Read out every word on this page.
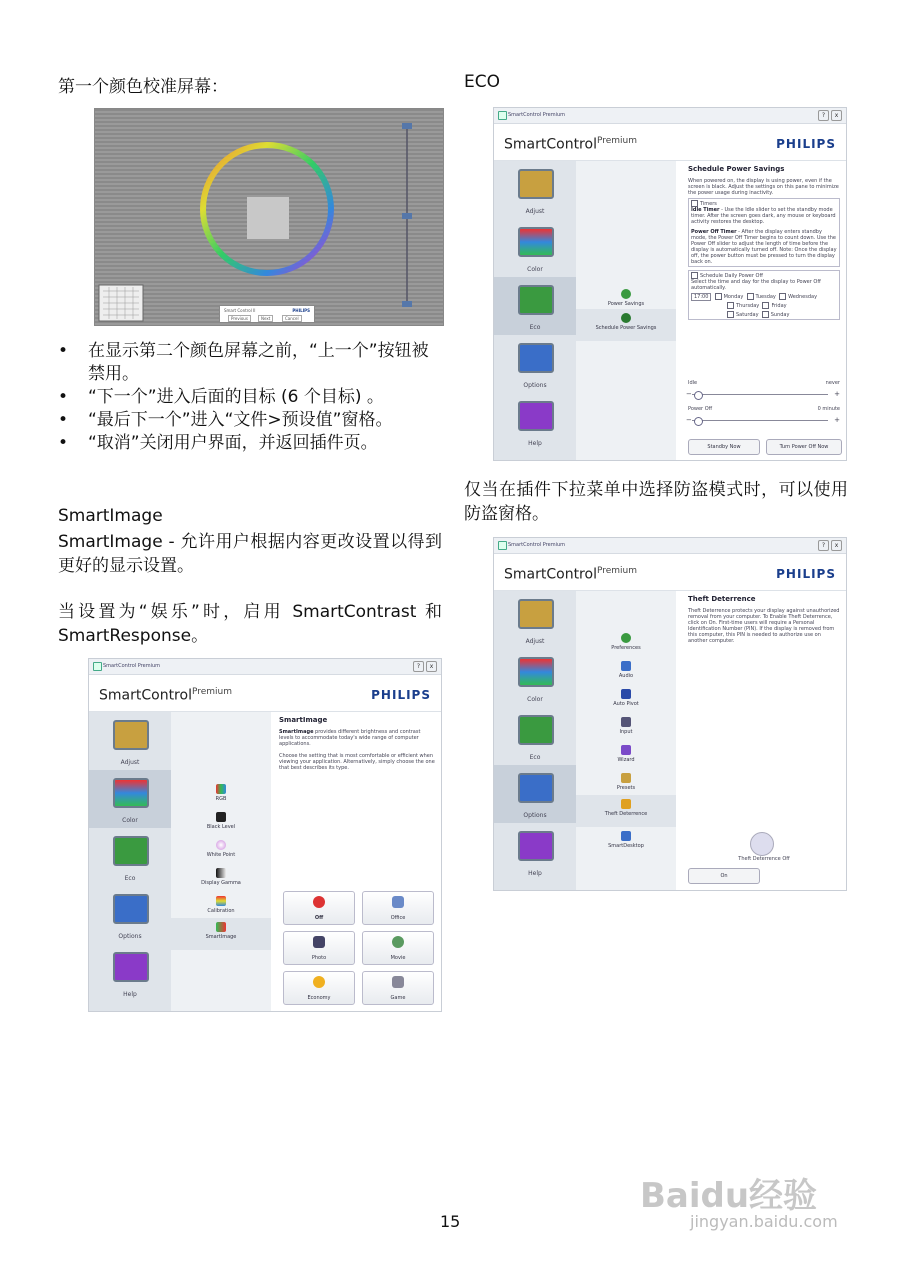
第一个颜色校准屏幕：
Smart Control II	PHILIPS
Previous	Next	Cancel
• 在显示第二个颜色屏幕之前，“上一个”按钮被禁用。
• “下一个”进入后面的目标 (6 个目标) 。
• “最后下一个”进入“文件>预设值”窗格。
• “取消”关闭用户界面，并返回插件页。
SmartImage
SmartImage - 允许用户根据内容更改设置以得到更好的显示设置。
当设置为“娱乐”时，启用 SmartContrast 和 SmartResponse。
SmartControl Premium	? x
SmartControl$^{Premium}$	PHILIPS
Adjust
Color
Eco
Options
Help
RGB
Black Level
White Point
Display Gamma
Calibration
SmartImage
SmartImage
SmartImage provides different brightness and contrast levels to accommodate today's wide range of computer applications.
Choose the setting that is most comfortable or efficient when viewing your application. Alternatively, simply choose the one that best describes its type.
Off	Office
Photo	Movie
Economy	Game
ECO
SmartControl Premium	? x
SmartControl$^{Premium}$	PHILIPS
Adjust
Color
Eco
Options
Help
Power Savings
Schedule Power Savings
Schedule Power Savings
When powered on, the display is using power, even if the screen is black. Adjust the settings on this pane to minimize the power usage during inactivity.
Timers
Idle Timer - Use the Idle slider to set the standby mode timer. After the screen goes dark, any mouse or keyboard activity restores the desktop.
Power Off Timer - After the display enters standby mode, the Power Off Timer begins to count down. Use the Power Off slider to adjust the length of time before the display is automatically turned off. Note: Once the display off, the power button must be pressed to turn the display back on.
Schedule Daily Power Off
Select the time and day for the display to Power Off automatically.
17:00	Monday Tuesday Wednesday
Thursday Friday
Saturday Sunday
Idle	never
−	+
Power Off	0 minute
−	+
Standby Now	Turn Power Off Now
仅当在插件下拉菜单中选择防盗模式时，可以使用防盗窗格。
SmartControl Premium	? x
SmartControl$^{Premium}$	PHILIPS
Adjust
Color
Eco
Options
Help
Preferences
Audio
Auto Pivot
Input
Wizard
Presets
Theft Deterrence
SmartDesktop
Theft Deterrence
Theft Deterrence protects your display against unauthorized removal from your computer. To Enable Theft Deterrence, click on On. First-time users will require a Personal Identification Number (PIN). If the display is removed from this computer, this PIN is needed to authorize use on another computer.
Theft Deterrence Off
On
15
Baidu经验
jingyan.baidu.com
